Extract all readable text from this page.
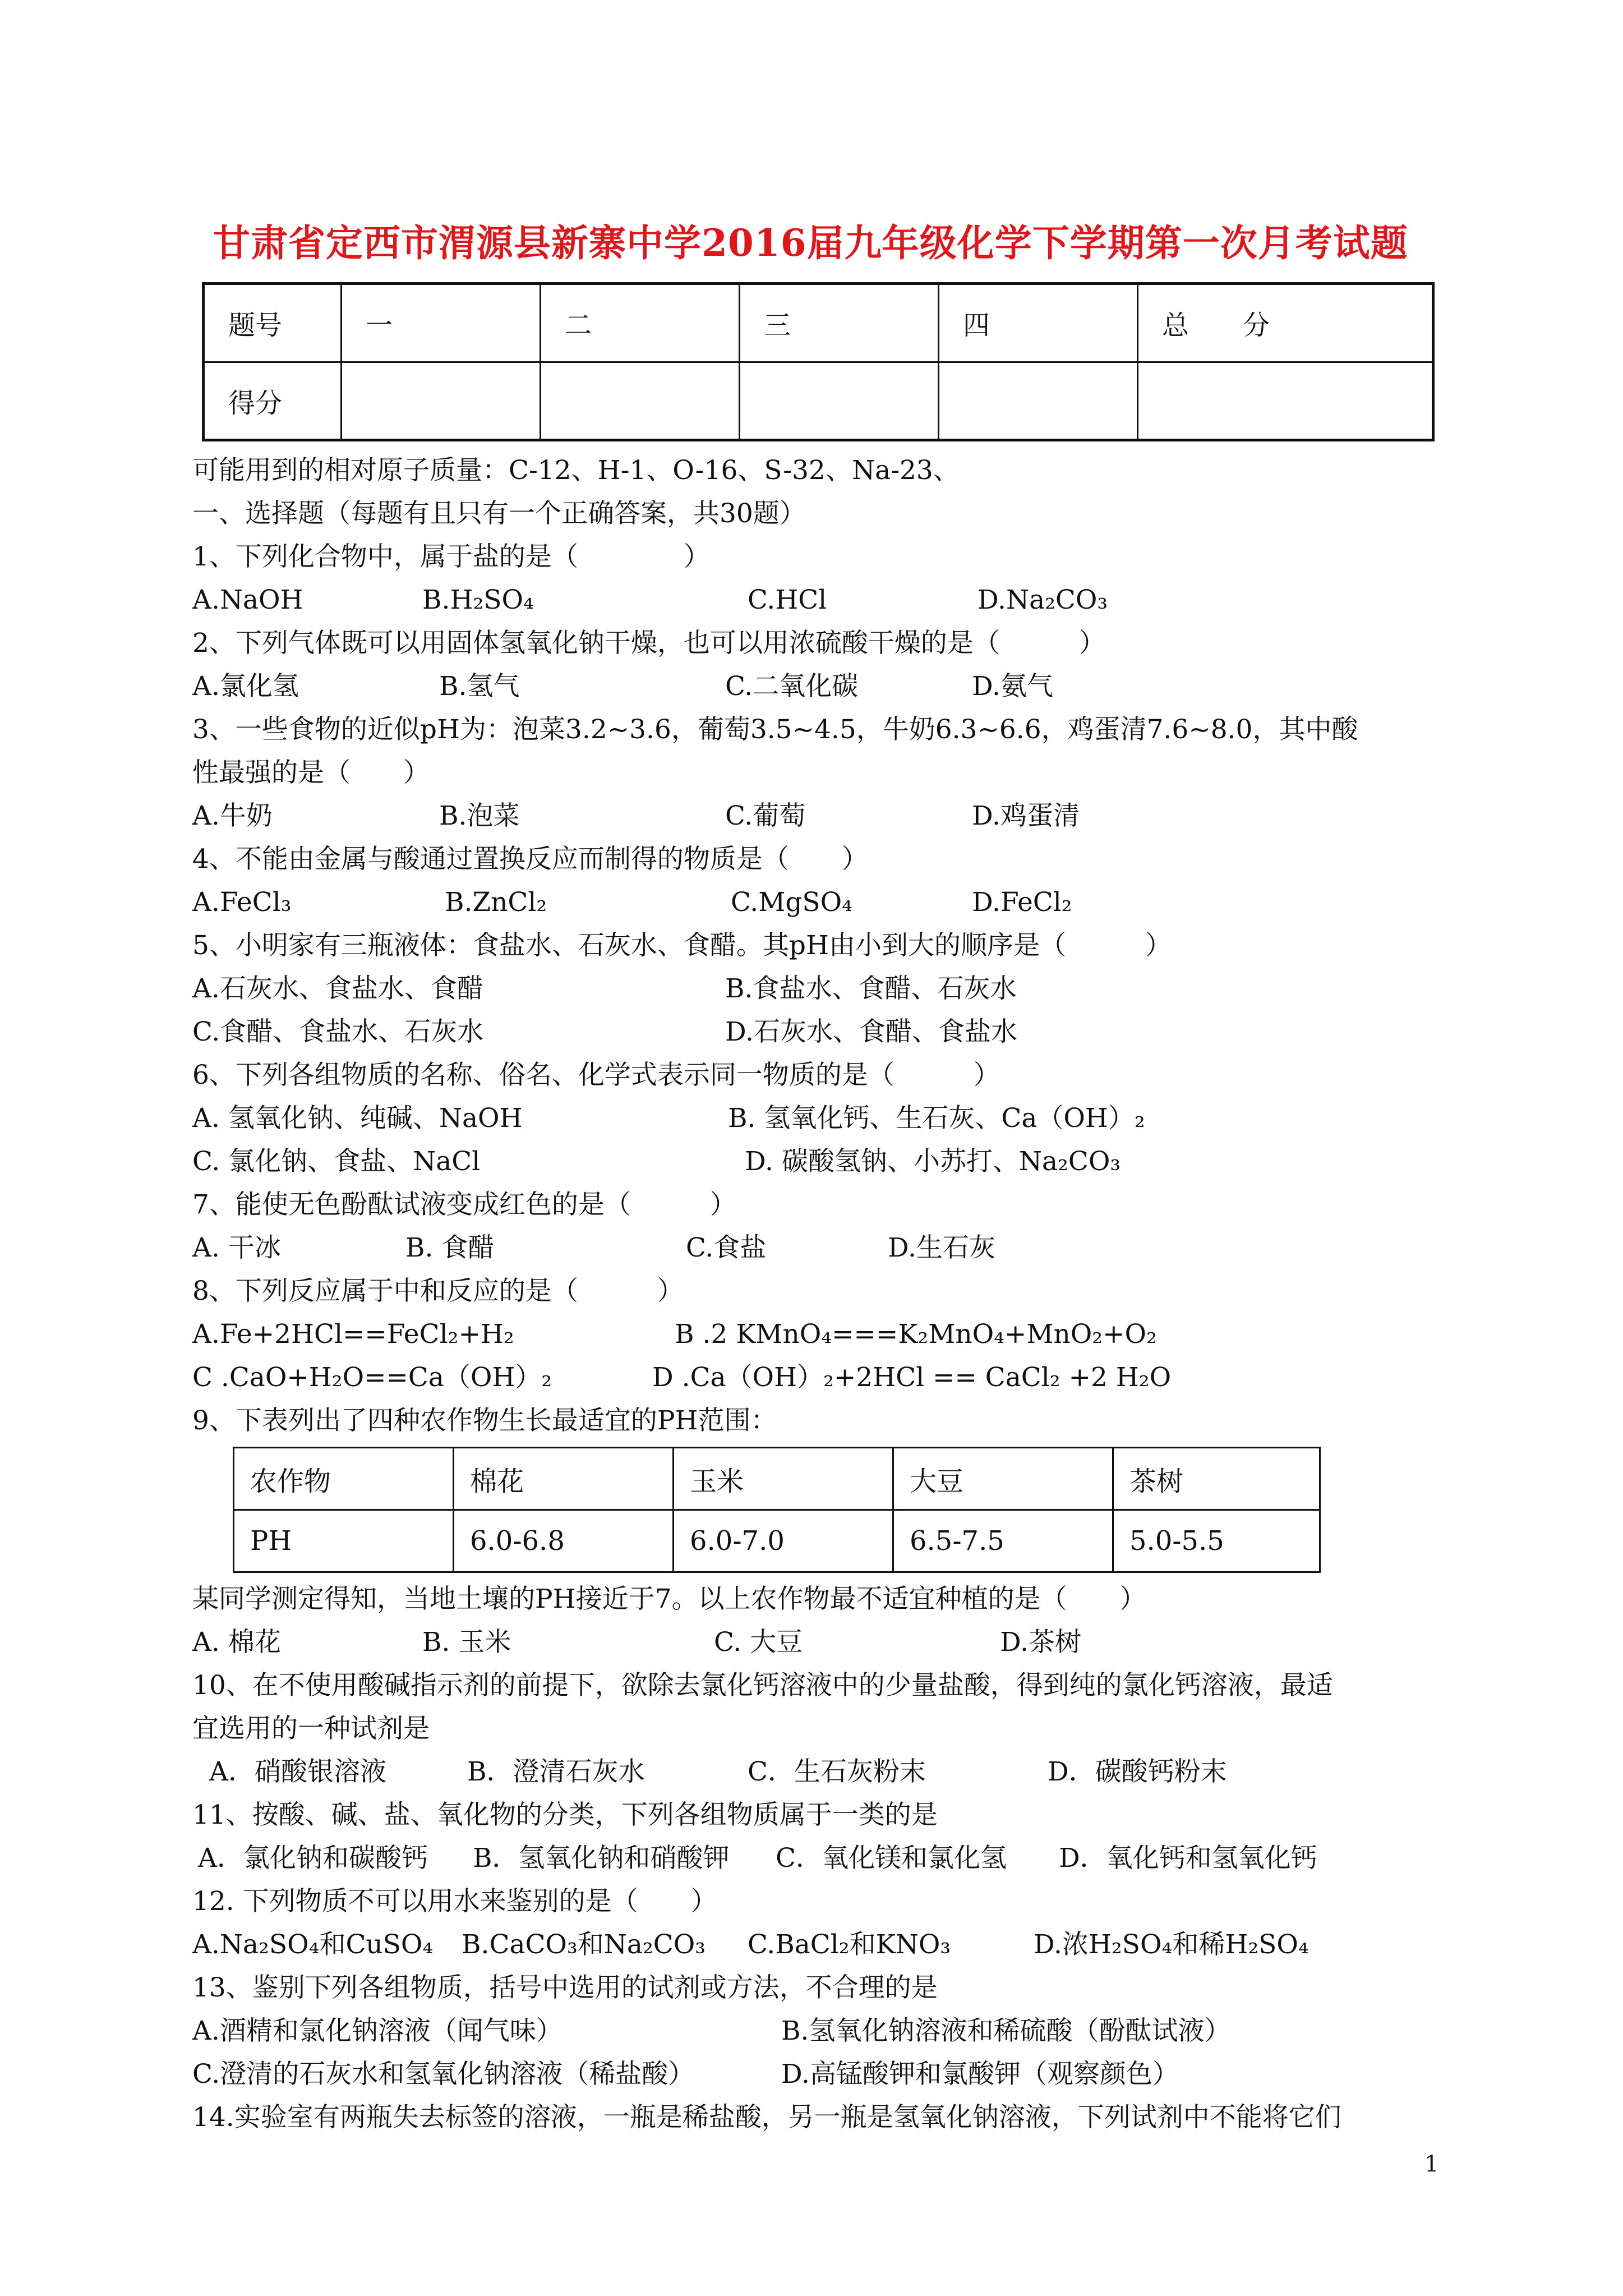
甘肃省定西市渭源县新寨中学2016届九年级化学下学期第一次月考试题
题号	一	二	三	四	总　　分
得分					
可能用到的相对原子质量：C-12、H-1、O-16、S-32、Na-23、
一、选择题（每题有且只有一个正确答案，共30题）
1、下列化合物中，属于盐的是（　　　　）
A.NaOH	B.H₂SO₄	C.HCl	D.Na₂CO₃
2、下列气体既可以用固体氢氧化钠干燥，也可以用浓硫酸干燥的是（　　　）
A.氯化氢	B.氢气	C.二氧化碳	D.氨气
3、一些食物的近似pH为：泡菜3.2~3.6，葡萄3.5~4.5，牛奶6.3~6.6，鸡蛋清7.6~8.0，其中酸
性最强的是（　　）
A.牛奶	B.泡菜	C.葡萄	D.鸡蛋清
4、不能由金属与酸通过置换反应而制得的物质是（　　）
A.FeCl₃	B.ZnCl₂	C.MgSO₄	D.FeCl₂
5、小明家有三瓶液体：食盐水、石灰水、食醋。其pH由小到大的顺序是（　　　）
A.石灰水、食盐水、食醋	B.食盐水、食醋、石灰水
C.食醋、食盐水、石灰水	D.石灰水、食醋、食盐水
6、下列各组物质的名称、俗名、化学式表示同一物质的是（　　　）
A. 氢氧化钠、纯碱、NaOH	B. 氢氧化钙、生石灰、Ca（OH）₂
C. 氯化钠、食盐、NaCl	D. 碳酸氢钠、小苏打、Na₂CO₃
7、能使无色酚酞试液变成红色的是（　　　）
A. 干冰	B. 食醋	C.食盐	D.生石灰
8、下列反应属于中和反应的是（　　　）
A.Fe+2HCl==FeCl₂+H₂	B .2 KMnO₄===K₂MnO₄+MnO₂+O₂
C .CaO+H₂O==Ca（OH）₂	D .Ca（OH）₂+2HCl == CaCl₂ +2 H₂O
9、下表列出了四种农作物生长最适宜的PH范围：
农作物	棉花	玉米	大豆	茶树
PH	6.0-6.8	6.0-7.0	6.5-7.5	5.0-5.5
某同学测定得知，当地土壤的PH接近于7。以上农作物最不适宜种植的是（　　）
A. 棉花	B. 玉米	C. 大豆	D.茶树
10、在不使用酸碱指示剂的前提下，欲除去氯化钙溶液中的少量盐酸，得到纯的氯化钙溶液，最适
宜选用的一种试剂是
A．硝酸银溶液	B．澄清石灰水	C．生石灰粉末	D．碳酸钙粉末
11、按酸、碱、盐、氧化物的分类，下列各组物质属于一类的是
A．氯化钠和碳酸钙 B．氢氧化钠和硝酸钾 C．氧化镁和氯化氢 D．氧化钙和氢氧化钙
12. 下列物质不可以用水来鉴别的是（　　）
A.Na₂SO₄和CuSO₄ B.CaCO₃和Na₂CO₃ C.BaCl₂和KNO₃	D.浓H₂SO₄和稀H₂SO₄
13、鉴别下列各组物质，括号中选用的试剂或方法，不合理的是
A.酒精和氯化钠溶液（闻气味）	B.氢氧化钠溶液和稀硫酸（酚酞试液）
C.澄清的石灰水和氢氧化钠溶液（稀盐酸）	D.高锰酸钾和氯酸钾（观察颜色）
14.实验室有两瓶失去标签的溶液，一瓶是稀盐酸，另一瓶是氢氧化钠溶液，下列试剂中不能将它们
1
